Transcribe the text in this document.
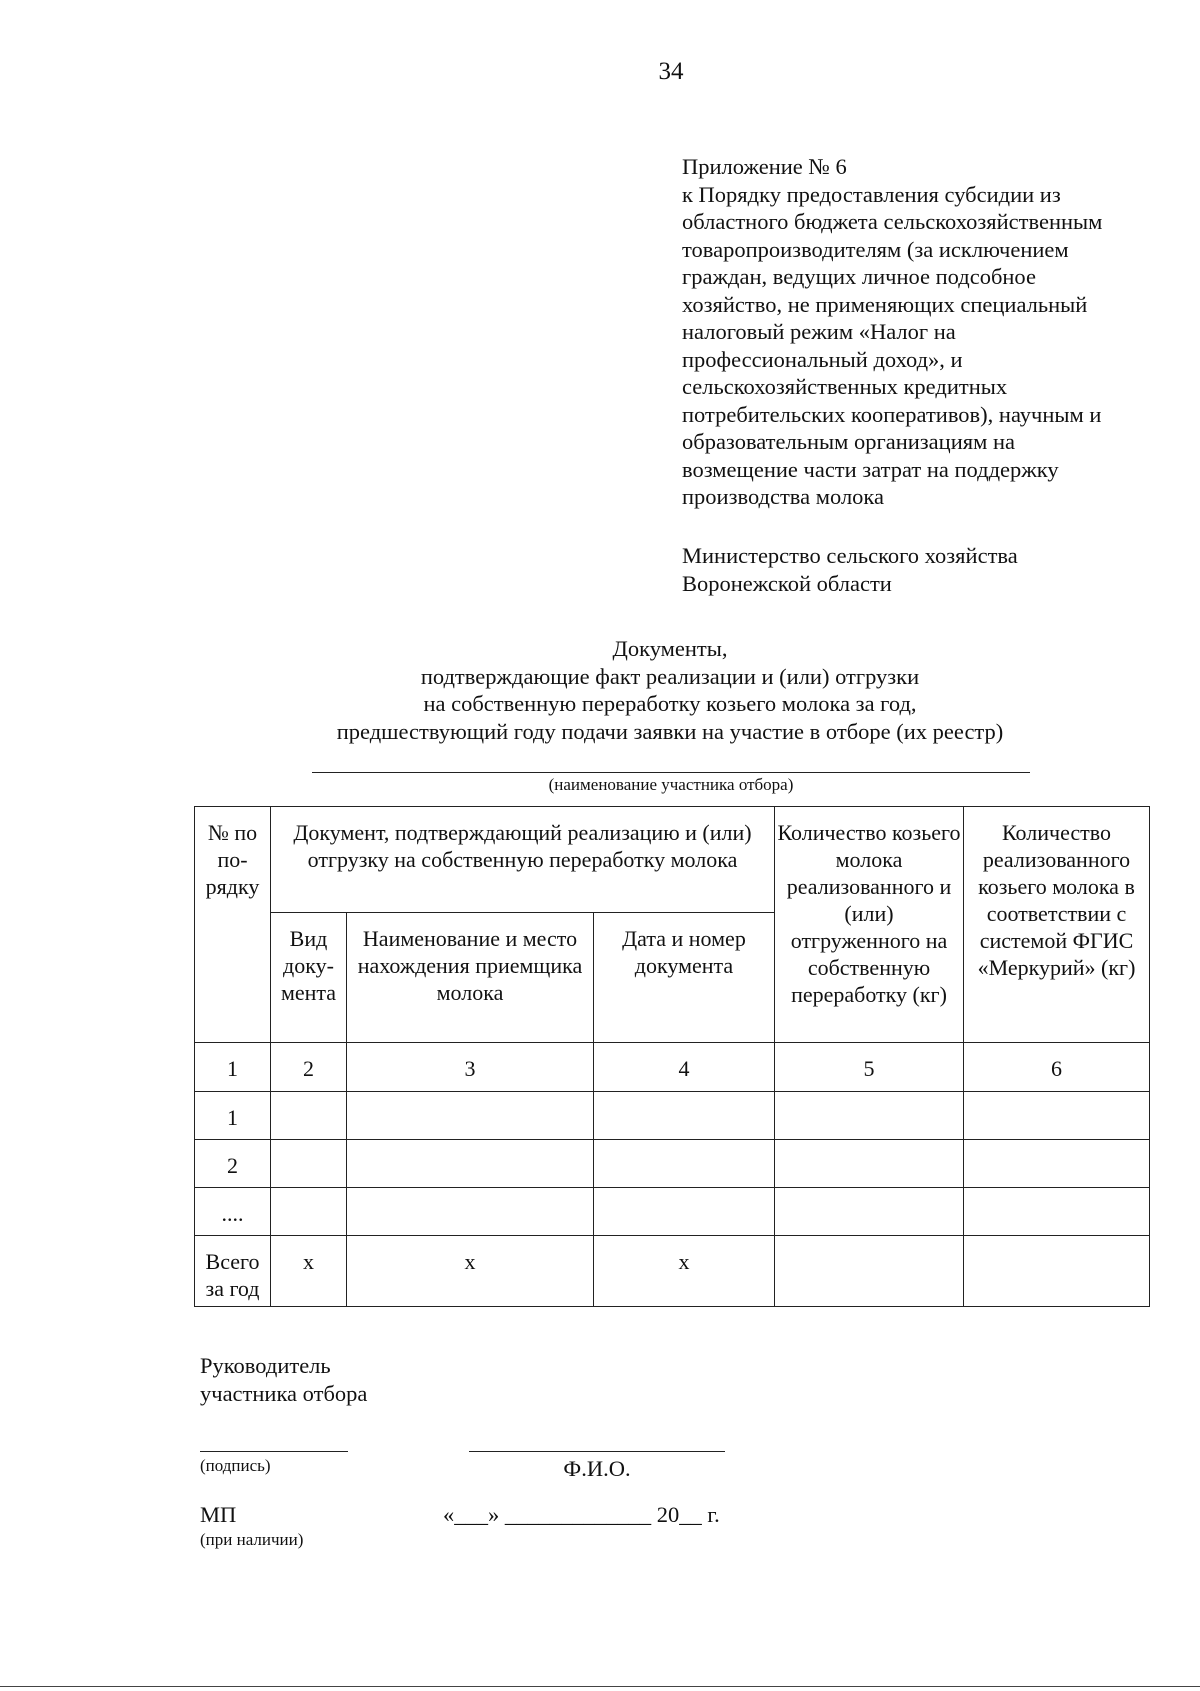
34
Приложение № 6
к Порядку предоставления субсидии из
областного бюджета сельскохозяйственным
товаропроизводителям (за исключением
граждан, ведущих личное подсобное
хозяйство, не применяющих специальный
налоговый режим «Налог на
профессиональный доход», и
сельскохозяйственных кредитных
потребительских кооперативов), научным и
образовательным организациям на
возмещение части затрат на поддержку
производства молока
Министерство сельского хозяйства
Воронежской области
Документы,
подтверждающие факт реализации и (или) отгрузки
на собственную переработку козьего молока за год,
предшествующий году подачи заявки на участие в отборе (их реестр)
(наименование участника отбора)
№ по по-рядку	Документ, подтверждающий реализацию и (или) отгрузку на собственную переработку молока			Количество козьего молока реализованного и (или) отгруженного на собственную переработку (кг)	Количество реализованного козьего молока в соответствии с системой ФГИС «Меркурий» (кг)
	Вид доку-мента	Наименование и место нахождения приемщика молока	Дата и номер документа		
1	2	3	4	5	6
1					
2					
....					
Всего за год	х	х	х		
Руководитель
участника отбора
(подпись)	Ф.И.О.
МП
(при наличии)
«___» _____________ 20__ г.
